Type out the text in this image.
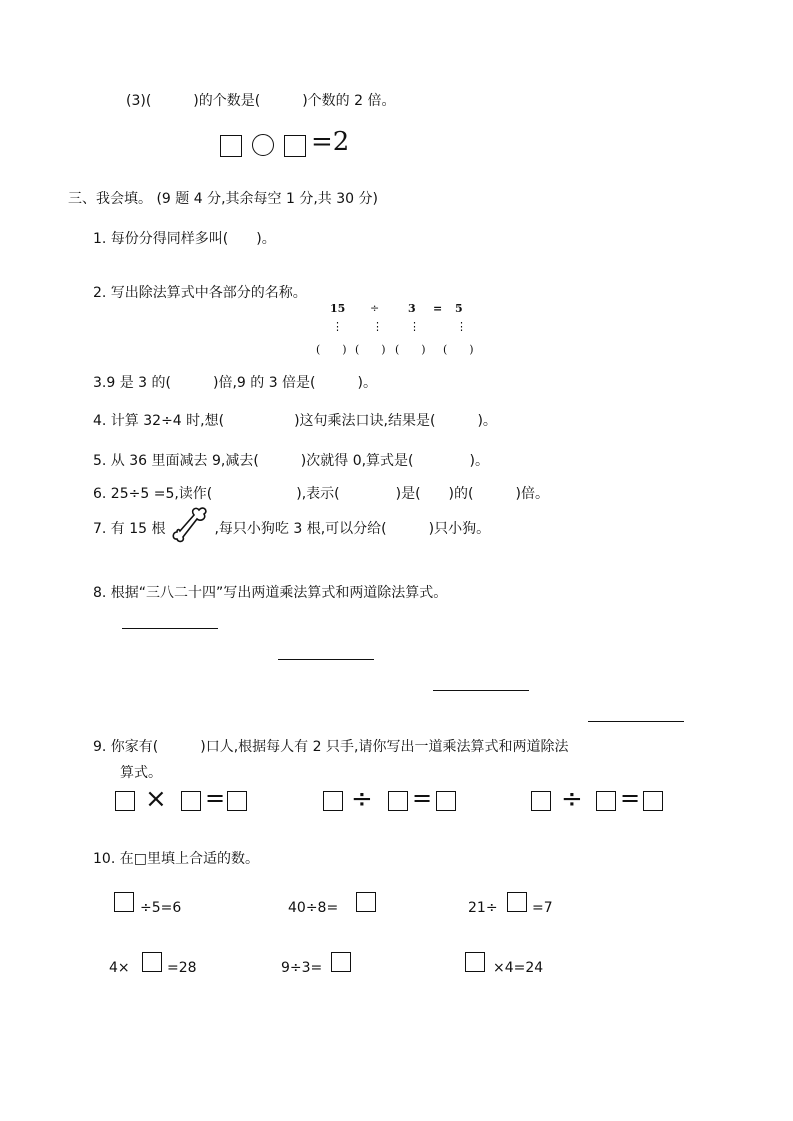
(3)(　　　)的个数是(　　　)个数的 2 倍。
=2
三、我会填。 (9 题 4 分,其余每空 1 分,共 30 分)
1. 每份分得同样多叫(　　)。
2. 写出除法算式中各部分的名称。
15 ÷	3 = 5
⋮	⋮ ⋮	⋮
(　　) (　　) (　　) (　　)
3.9 是 3 的(　　　)倍,9 的 3 倍是(　　　)。
4. 计算 32÷4 时,想(　　　　　)这句乘法口诀,结果是(　　　)。
5. 从 36 里面减去 9,减去(　　　)次就得 0,算式是(　　　　)。
6. 25÷5 =5,读作(　　　　　　),表示(　　　　)是(　　)的(　　　)倍。
7. 有 15 根	,每只小狗吃 3 根,可以分给(　　　)只小狗。
8. 根据“三八二十四”写出两道乘法算式和两道除法算式。
9. 你家有(　　　)口人,根据每人有 2 只手,请你写出一道乘法算式和两道除法
算式。
× =	÷ =	÷ =
10. 在□里填上合适的数。
÷5=6	40÷8=	21÷ =7
4×	=28	9÷3=	×4=24
